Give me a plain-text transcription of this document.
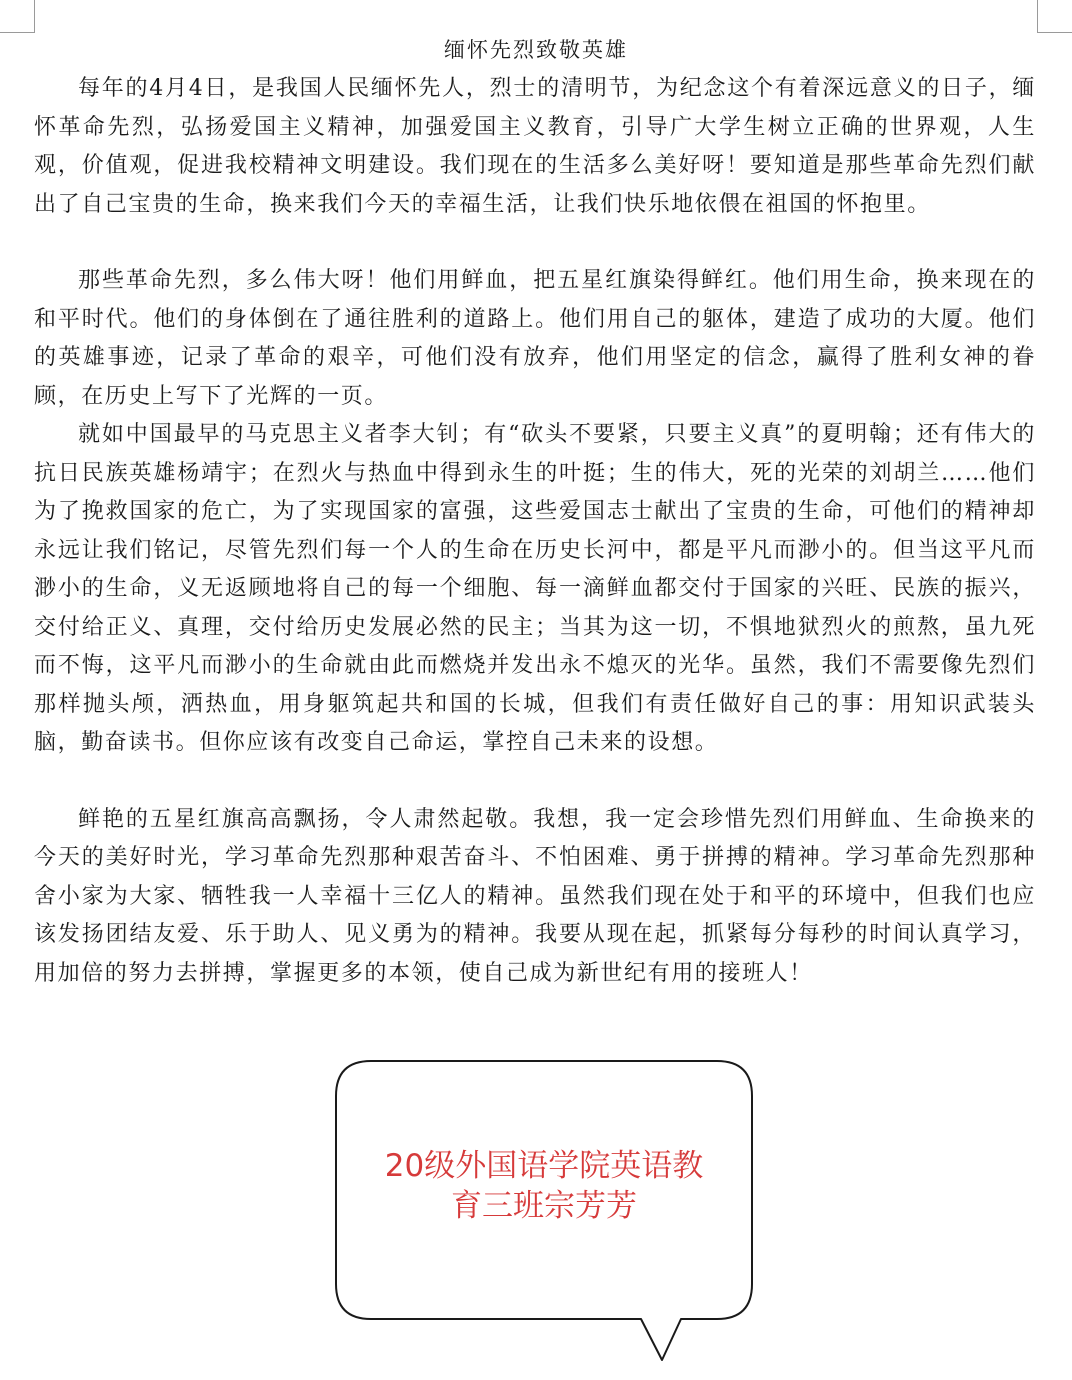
缅怀先烈致敬英雄

每年的4月4日，是我国人民缅怀先人，烈士的清明节，为纪念这个有着深远意义的日子，缅怀革命先烈，弘扬爱国主义精神，加强爱国主义教育，引导广大学生树立正确的世界观，人生观，价值观，促进我校精神文明建设。我们现在的生活多么美好呀！要知道是那些革命先烈们献出了自己宝贵的生命，换来我们今天的幸福生活，让我们快乐地依偎在祖国的怀抱里。

那些革命先烈，多么伟大呀！他们用鲜血，把五星红旗染得鲜红。他们用生命，换来现在的和平时代。他们的身体倒在了通往胜利的道路上。他们用自己的躯体，建造了成功的大厦。他们的英雄事迹，记录了革命的艰辛，可他们没有放弃，他们用坚定的信念，赢得了胜利女神的眷顾，在历史上写下了光辉的一页。

就如中国最早的马克思主义者李大钊；有“砍头不要紧，只要主义真”的夏明翰；还有伟大的抗日民族英雄杨靖宇；在烈火与热血中得到永生的叶挺；生的伟大，死的光荣的刘胡兰……他们为了挽救国家的危亡，为了实现国家的富强，这些爱国志士献出了宝贵的生命，可他们的精神却永远让我们铭记，尽管先烈们每一个人的生命在历史长河中，都是平凡而渺小的。但当这平凡而渺小的生命，义无返顾地将自己的每一个细胞、每一滴鲜血都交付于国家的兴旺、民族的振兴，交付给正义、真理，交付给历史发展必然的民主；当其为这一切，不惧地狱烈火的煎熬，虽九死而不悔，这平凡而渺小的生命就由此而燃烧并发出永不熄灭的光华。虽然，我们不需要像先烈们那样抛头颅，洒热血，用身躯筑起共和国的长城，但我们有责任做好自己的事：用知识武装头脑，勤奋读书。但你应该有改变自己命运，掌控自己未来的设想。

鲜艳的五星红旗高高飘扬，令人肃然起敬。我想，我一定会珍惜先烈们用鲜血、生命换来的今天的美好时光，学习革命先烈那种艰苦奋斗、不怕困难、勇于拼搏的精神。学习革命先烈那种舍小家为大家、牺牲我一人幸福十三亿人的精神。虽然我们现在处于和平的环境中，但我们也应该发扬团结友爱、乐于助人、见义勇为的精神。我要从现在起，抓紧每分每秒的时间认真学习，用加倍的努力去拼搏，掌握更多的本领，使自己成为新世纪有用的接班人！

20级外国语学院英语教
育三班宗芳芳
